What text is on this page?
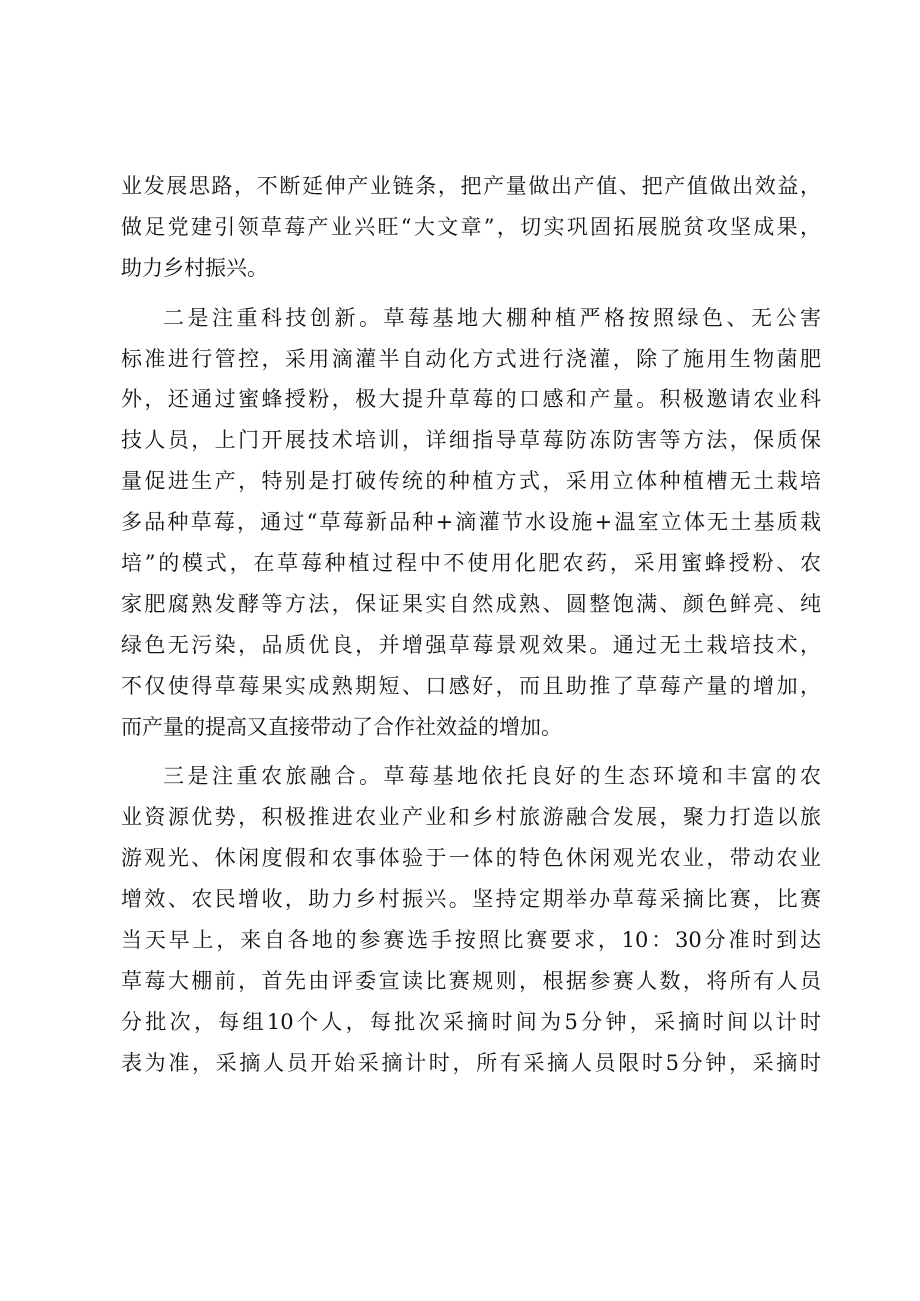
业发展思路，不断延伸产业链条，把产量做出产值、把产值做出效益，
做足党建引领草莓产业兴旺“大文章”，切实巩固拓展脱贫攻坚成果，
助力乡村振兴。
二是注重科技创新。草莓基地大棚种植严格按照绿色、无公害
标准进行管控，采用滴灌半自动化方式进行浇灌，除了施用生物菌肥
外，还通过蜜蜂授粉，极大提升草莓的口感和产量。积极邀请农业科
技人员，上门开展技术培训，详细指导草莓防冻防害等方法，保质保
量促进生产，特别是打破传统的种植方式，采用立体种植槽无土栽培
多品种草莓，通过“草莓新品种+滴灌节水设施+温室立体无土基质栽
培”的模式，在草莓种植过程中不使用化肥农药，采用蜜蜂授粉、农
家肥腐熟发酵等方法，保证果实自然成熟、圆整饱满、颜色鲜亮、纯
绿色无污染，品质优良，并增强草莓景观效果。通过无土栽培技术，
不仅使得草莓果实成熟期短、口感好，而且助推了草莓产量的增加，
而产量的提高又直接带动了合作社效益的增加。
三是注重农旅融合。草莓基地依托良好的生态环境和丰富的农
业资源优势，积极推进农业产业和乡村旅游融合发展，聚力打造以旅
游观光、休闲度假和农事体验于一体的特色休闲观光农业，带动农业
增效、农民增收，助力乡村振兴。坚持定期举办草莓采摘比赛，比赛
当天早上，来自各地的参赛选手按照比赛要求，10：30分准时到达
草莓大棚前，首先由评委宣读比赛规则，根据参赛人数，将所有人员
分批次，每组10个人，每批次采摘时间为5分钟，采摘时间以计时
表为准，采摘人员开始采摘计时，所有采摘人员限时5分钟，采摘时
